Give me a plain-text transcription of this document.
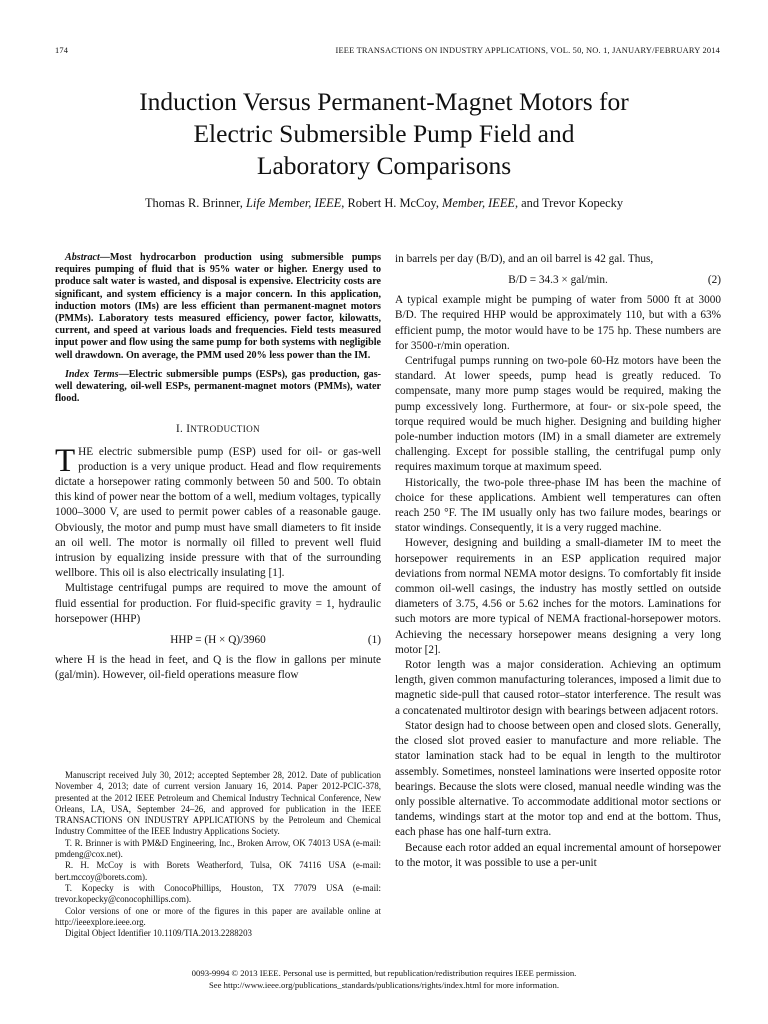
174	IEEE TRANSACTIONS ON INDUSTRY APPLICATIONS, VOL. 50, NO. 1, JANUARY/FEBRUARY 2014
Induction Versus Permanent-Magnet Motors for
Electric Submersible Pump Field and
Laboratory Comparisons
Thomas R. Brinner, Life Member, IEEE, Robert H. McCoy, Member, IEEE, and Trevor Kopecky

Abstract—Most hydrocarbon production using submersible pumps requires pumping of fluid that is 95% water or higher. Energy used to produce salt water is wasted, and disposal is expensive. Electricity costs are significant, and system efficiency is a major concern. In this application, induction motors (IMs) are less efficient than permanent-magnet motors (PMMs). Laboratory tests measured efficiency, power factor, kilowatts, current, and speed at various loads and frequencies. Field tests measured input power and flow using the same pump for both systems with negligible well drawdown. On average, the PMM used 20% less power than the IM.

Index Terms—Electric submersible pumps (ESPs), gas production, gas-well dewatering, oil-well ESPs, permanent-magnet motors (PMMs), water flood.

I. INTRODUCTION

THE electric submersible pump (ESP) used for oil- or gas-well production is a very unique product. Head and flow requirements dictate a horsepower rating commonly between 50 and 500. To obtain this kind of power near the bottom of a well, medium voltages, typically 1000–3000 V, are used to permit power cables of a reasonable gauge. Obviously, the motor and pump must have small diameters to fit inside an oil well. The motor is normally oil filled to prevent well fluid intrusion by equalizing inside pressure with that of the surrounding wellbore. This oil is also electrically insulating [1].

Multistage centrifugal pumps are required to move the amount of fluid essential for production. For fluid-specific gravity = 1, hydraulic horsepower (HHP)

HHP = (H × Q)/3960	(1)

where H is the head in feet, and Q is the flow in gallons per minute (gal/min). However, oil-field operations measure flow

Manuscript received July 30, 2012; accepted September 28, 2012. Date of publication November 4, 2013; date of current version January 16, 2014. Paper 2012-PCIC-378, presented at the 2012 IEEE Petroleum and Chemical Industry Technical Conference, New Orleans, LA, USA, September 24–26, and approved for publication in the IEEE TRANSACTIONS ON INDUSTRY APPLICATIONS by the Petroleum and Chemical Industry Committee of the IEEE Industry Applications Society.

T. R. Brinner is with PM&D Engineering, Inc., Broken Arrow, OK 74013 USA (e-mail: pmdeng@cox.net).

R. H. McCoy is with Borets Weatherford, Tulsa, OK 74116 USA (e-mail: bert.mccoy@borets.com).

T. Kopecky is with ConocoPhillips, Houston, TX 77079 USA (e-mail: trevor.kopecky@conocophillips.com).

Color versions of one or more of the figures in this paper are available online at http://ieeexplore.ieee.org.

Digital Object Identifier 10.1109/TIA.2013.2288203

in barrels per day (B/D), and an oil barrel is 42 gal. Thus,

B/D = 34.3 × gal/min.	(2)

A typical example might be pumping of water from 5000 ft at 3000 B/D. The required HHP would be approximately 110, but with a 63% efficient pump, the motor would have to be 175 hp. These numbers are for 3500-r/min operation.

Centrifugal pumps running on two-pole 60-Hz motors have been the standard. At lower speeds, pump head is greatly reduced. To compensate, many more pump stages would be required, making the pump excessively long. Furthermore, at four- or six-pole speed, the torque required would be much higher. Designing and building higher pole-number induction motors (IM) in a small diameter are extremely challenging. Except for possible stalling, the centrifugal pump only requires maximum torque at maximum speed.

Historically, the two-pole three-phase IM has been the machine of choice for these applications. Ambient well temperatures can often reach 250 °F. The IM usually only has two failure modes, bearings or stator windings. Consequently, it is a very rugged machine.

However, designing and building a small-diameter IM to meet the horsepower requirements in an ESP application required major deviations from normal NEMA motor designs. To comfortably fit inside common oil-well casings, the industry has mostly settled on outside diameters of 3.75, 4.56 or 5.62 inches for the motors. Laminations for such motors are more typical of NEMA fractional-horsepower motors. Achieving the necessary horsepower means designing a very long motor [2].

Rotor length was a major consideration. Achieving an optimum length, given common manufacturing tolerances, imposed a limit due to magnetic side-pull that caused rotor–stator interference. The result was a concatenated multirotor design with bearings between adjacent rotors.

Stator design had to choose between open and closed slots. Generally, the closed slot proved easier to manufacture and more reliable. The stator lamination stack had to be equal in length to the multirotor assembly. Sometimes, nonsteel laminations were inserted opposite rotor bearings. Because the slots were closed, manual needle winding was the only possible alternative. To accommodate additional motor sections or tandems, windings start at the motor top and end at the bottom. Thus, each phase has one half-turn extra.

Because each rotor added an equal incremental amount of horsepower to the motor, it was possible to use a per-unit

0093-9994 © 2013 IEEE. Personal use is permitted, but republication/redistribution requires IEEE permission.
See http://www.ieee.org/publications_standards/publications/rights/index.html for more information.
